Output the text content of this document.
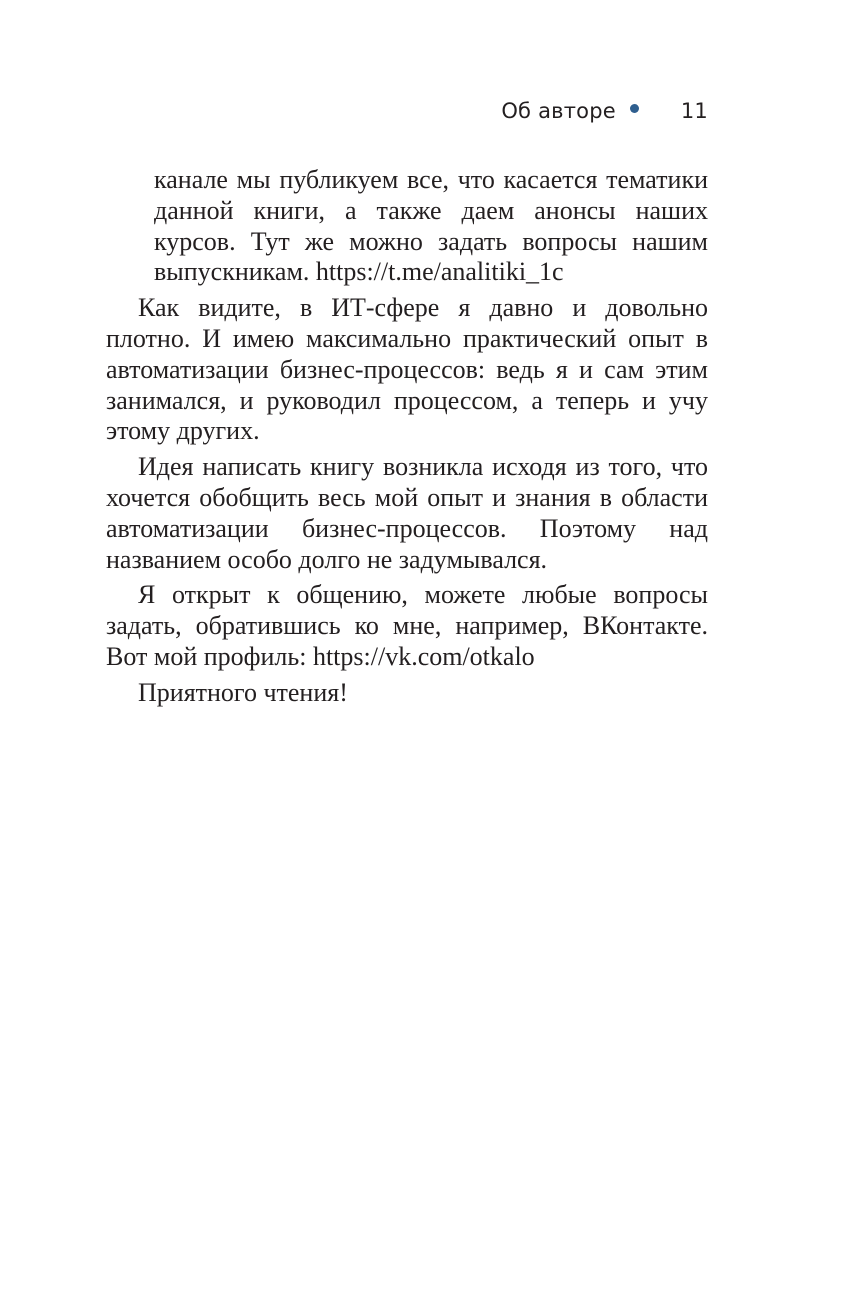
Об авторе	11

каналe мы публикуем все, что касается тематики данной книги, а также даем анонсы наших курсов. Тут же можно задать вопросы нашим выпускникам. https://t.me/analitiki_1c

Как видите, в ИТ-сфере я давно и довольно плотно. И имею максимально практический опыт в автоматизации бизнес-процессов: ведь я и сам этим занимался, и руководил процессом, а теперь и учу этому других.

Идея написать книгу возникла исходя из того, что хочется обобщить весь мой опыт и знания в области автоматизации бизнес-процессов. Поэтому над названием особо долго не задумывался.

Я открыт к общению, можете любые вопросы задать, обратившись ко мне, например, ВКонтакте. Вот мой профиль: https://vk.com/otkalo

Приятного чтения!
